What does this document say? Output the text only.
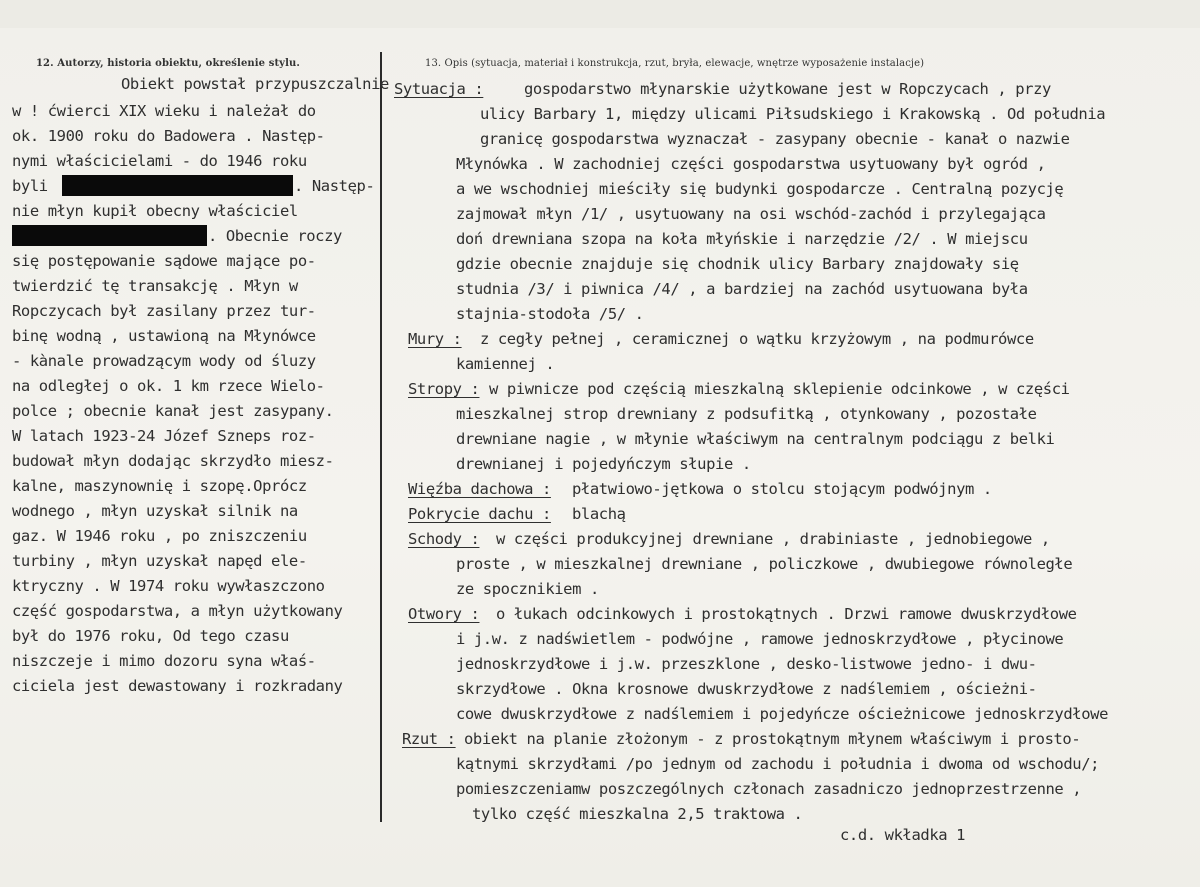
12. Autorzy, historia obiektu, określenie stylu.	13. Opis (sytuacja, materiał i konstrukcja, rzut, bryła, elewacje, wnętrze wyposażenie instalacje)
Obiekt powstał przypuszczalnie
w ! ćwierci XIX wieku i należał do
ok. 1900 roku do Badowera . Następ-
nymi właścicielami - do 1946 roku
byli	. Następ-
nie młyn kupił obecny właściciel
. Obecnie roczy
się postępowanie sądowe mające po-
twierdzić tę transakcję . Młyn w
Ropczycach był zasilany przez tur-
binę wodną , ustawioną na Młynówce
- kànale prowadzącym wody od śluzy
na odległej o ok. 1 km rzece Wielo-
polce ; obecnie kanał jest zasypany.
W latach 1923-24 Józef Szneps roz-
budował młyn dodając skrzydło miesz-
kalne, maszynownię i szopę.Oprócz
wodnego , młyn uzyskał silnik na
gaz. W 1946 roku , po zniszczeniu
turbiny , młyn uzyskał napęd ele-
ktryczny . W 1974 roku wywłaszczono
część gospodarstwa, a młyn użytkowany
był do 1976 roku, Od tego czasu
niszczeje i mimo dozoru syna właś-
ciciela jest dewastowany i rozkradany
Sytuacja :	gospodarstwo młynarskie użytkowane jest w Ropczycach , przy
ulicy Barbary 1, między ulicami Piłsudskiego i Krakowską . Od południa
granicę gospodarstwa wyznaczał - zasypany obecnie - kanał o nazwie
Młynówka . W zachodniej części gospodarstwa usytuowany był ogród ,
a we wschodniej mieściły się budynki gospodarcze . Centralną pozycję
zajmował młyn /1/ , usytuowany na osi wschód-zachód i przylegająca
doń drewniana szopa na koła młyńskie i narzędzie /2/ . W miejscu
gdzie obecnie znajduje się chodnik ulicy Barbary znajdowały się
studnia /3/ i piwnica /4/ , a bardziej na zachód usytuowana była
stajnia-stodoła /5/ .
Mury : z cegły pełnej , ceramicznej o wątku krzyżowym , na podmurówce
kamiennej .
Stropy : w piwnicze pod częścią mieszkalną sklepienie odcinkowe , w części
mieszkalnej strop drewniany z podsufitką , otynkowany , pozostałe
drewniane nagie , w młynie właściwym na centralnym podciągu z belki
drewnianej i pojedyńczym słupie .
Więźba dachowa : płatwiowo-jętkowa o stolcu stojącym podwójnym .
Pokrycie dachu : blachą
Schody : w części produkcyjnej drewniane , drabiniaste , jednobiegowe ,
proste , w mieszkalnej drewniane , policzkowe , dwubiegowe równoległe
ze spocznikiem .
Otwory : o łukach odcinkowych i prostokątnych . Drzwi ramowe dwuskrzydłowe
i j.w. z nadświetlem - podwójne , ramowe jednoskrzydłowe , płycinowe
jednoskrzydłowe i j.w. przeszklone , desko-listwowe jedno- i dwu-
skrzydłowe . Okna krosnowe dwuskrzydłowe z nadślemiem , ościeżni-
cowe dwuskrzydłowe z nadślemiem i pojedyńcze ościeżnicowe jednoskrzydłowe
Rzut : obiekt na planie złożonym - z prostokątnym młynem właściwym i prosto-
kątnymi skrzydłami /po jednym od zachodu i południa i dwoma od wschodu/;
pomieszczeniamw poszczególnych członach zasadniczo jednoprzestrzenne ,
tylko część mieszkalna 2,5 traktowa .
c.d. wkładka 1
